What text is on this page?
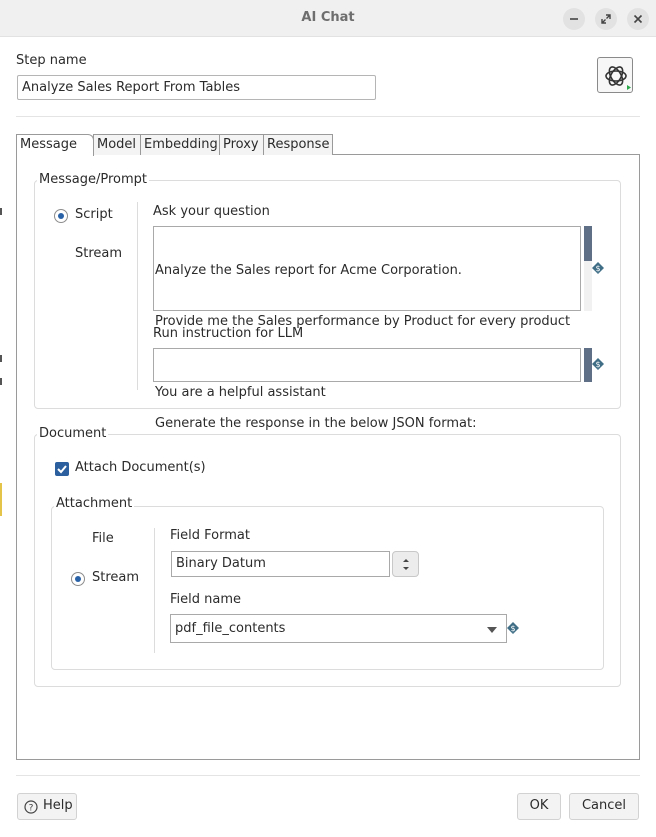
AI Chat
Step name
Analyze Sales Report From Tables
Message	Model Embedding Proxy Response
Message/Prompt
Script
Stream
Ask your question

Analyze the Sales report for Acme Corporation.

Provide me the Sales performance by Product for every product

Generate the response in the below JSON format:

$
Run instruction for LLM

You are a helpful assistant

$
Document
Attach Document(s)
Attachment
File
Stream
Field Format
Binary Datum
Field name
pdf_file_contents	$
? Help	OK	Cancel
